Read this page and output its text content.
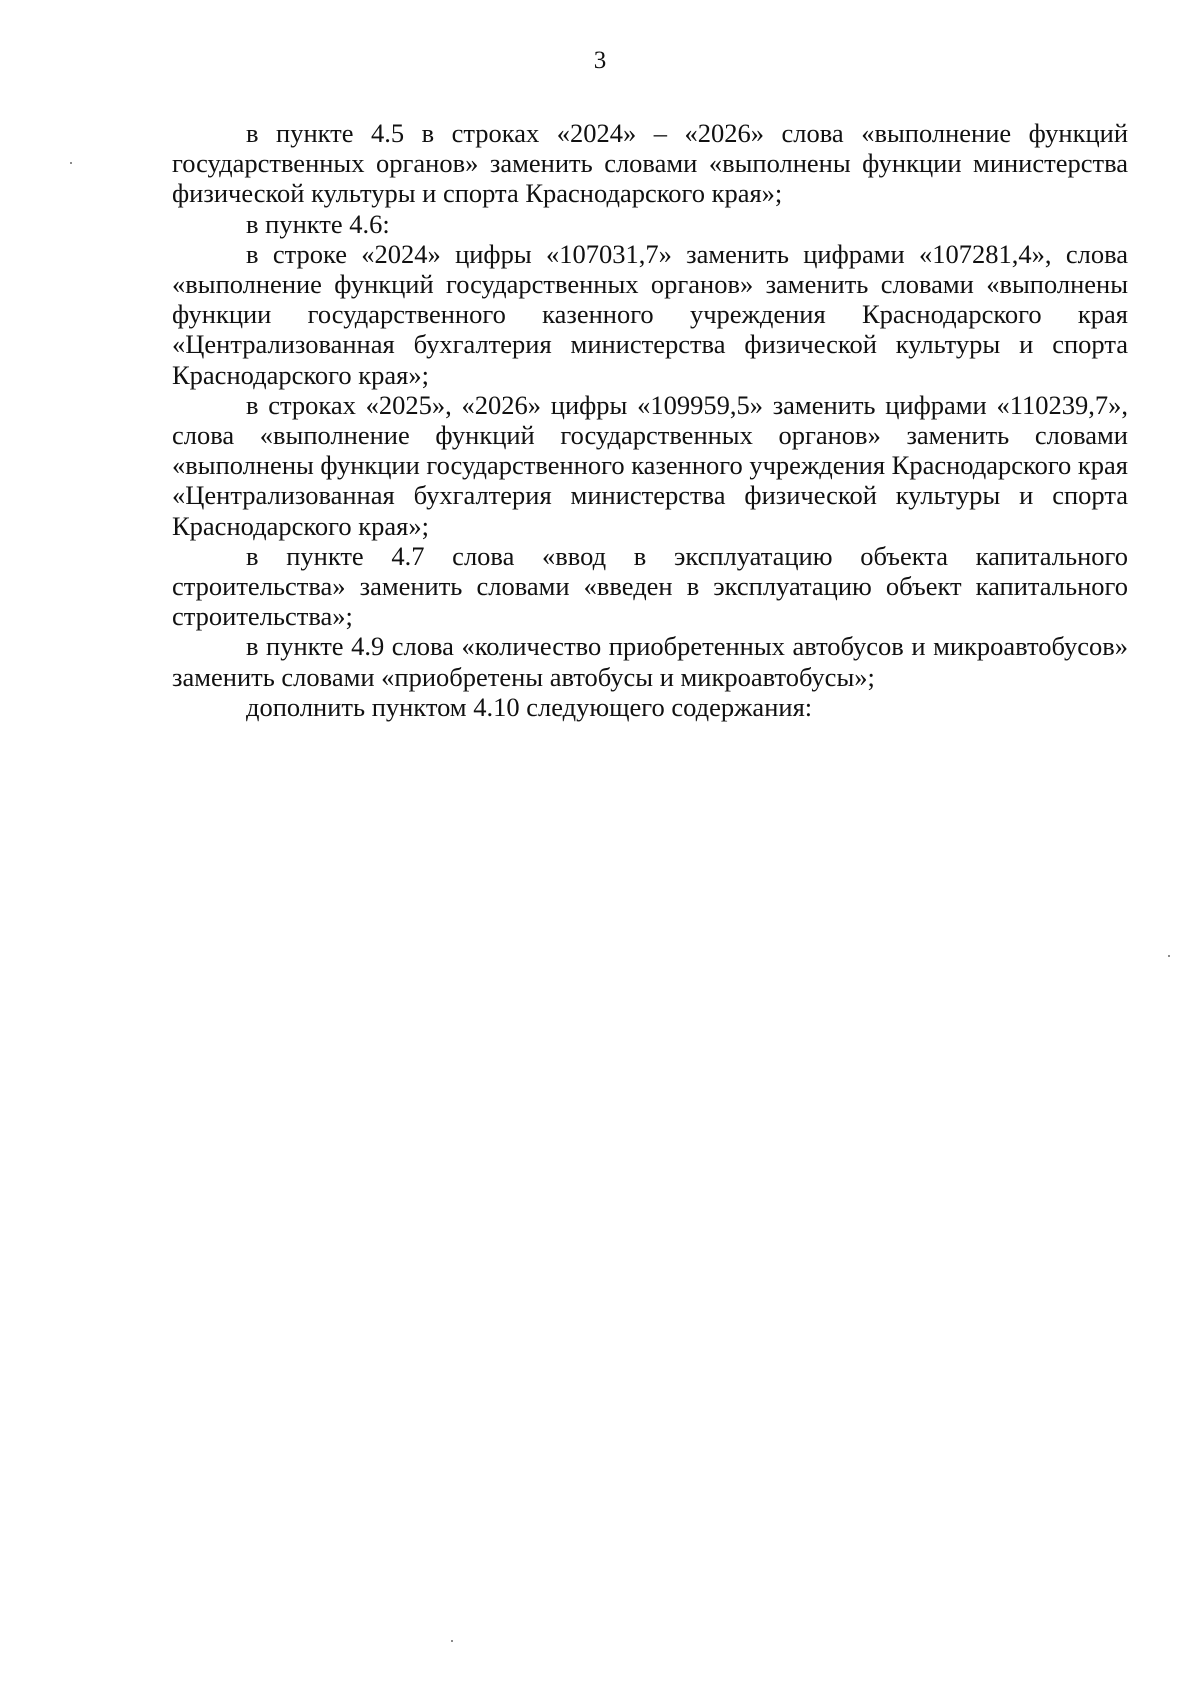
3

в пункте 4.5 в строках «2024» – «2026» слова «выполнение функций государственных органов» заменить словами «выполнены функции министерства физической культуры и спорта Краснодарского края»;

в пункте 4.6:

в строке «2024» цифры «107031,7» заменить цифрами «107281,4», слова «выполнение функций государственных органов» заменить словами «выполнены функции государственного казенного учреждения Краснодарского края «Централизованная бухгалтерия министерства физической культуры и спорта Краснодарского края»;

в строках «2025», «2026» цифры «109959,5» заменить цифрами «110239,7», слова «выполнение функций государственных органов» заменить словами «выполнены функции государственного казенного учреждения Краснодарского края «Централизованная бухгалтерия министерства физической культуры и спорта Краснодарского края»;

в пункте 4.7 слова «ввод в эксплуатацию объекта капитального строительства» заменить словами «введен в эксплуатацию объект капитального строительства»;

в пункте 4.9 слова «количество приобретенных автобусов и микроавтобусов» заменить словами «приобретены автобусы и микроавтобусы»;

дополнить пунктом 4.10 следующего содержания:
